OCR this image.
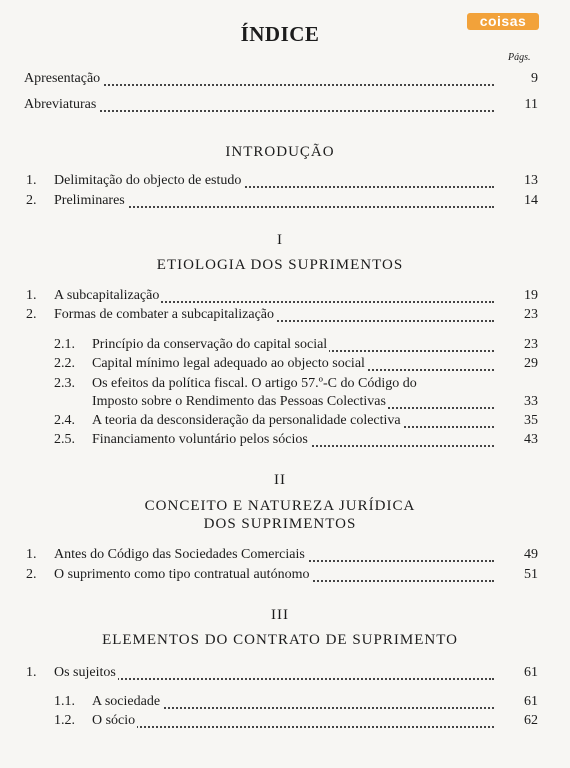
coisas
ÍNDICE
Págs.
Apresentação	9
Abreviaturas	11
INTRODUÇÃO
1. Delimitação do objecto de estudo	13
2. Preliminares	14
I
ETIOLOGIA DOS SUPRIMENTOS
1. A subcapitalização	19
2. Formas de combater a subcapitalização	23
2.1. Princípio da conservação do capital social	23
2.2. Capital mínimo legal adequado ao objecto social	29
2.3. Os efeitos da política fiscal. O artigo 57.º-C do Código do
Imposto sobre o Rendimento das Pessoas Colectivas	33
2.4. A teoria da desconsideração da personalidade colectiva	35
2.5. Financiamento voluntário pelos sócios	43
II
CONCEITO E NATUREZA JURÍDICA
DOS SUPRIMENTOS
1. Antes do Código das Sociedades Comerciais	49
2. O suprimento como tipo contratual autónomo	51
III
ELEMENTOS DO CONTRATO DE SUPRIMENTO
1. Os sujeitos	61
1.1. A sociedade	61
1.2. O sócio	62
